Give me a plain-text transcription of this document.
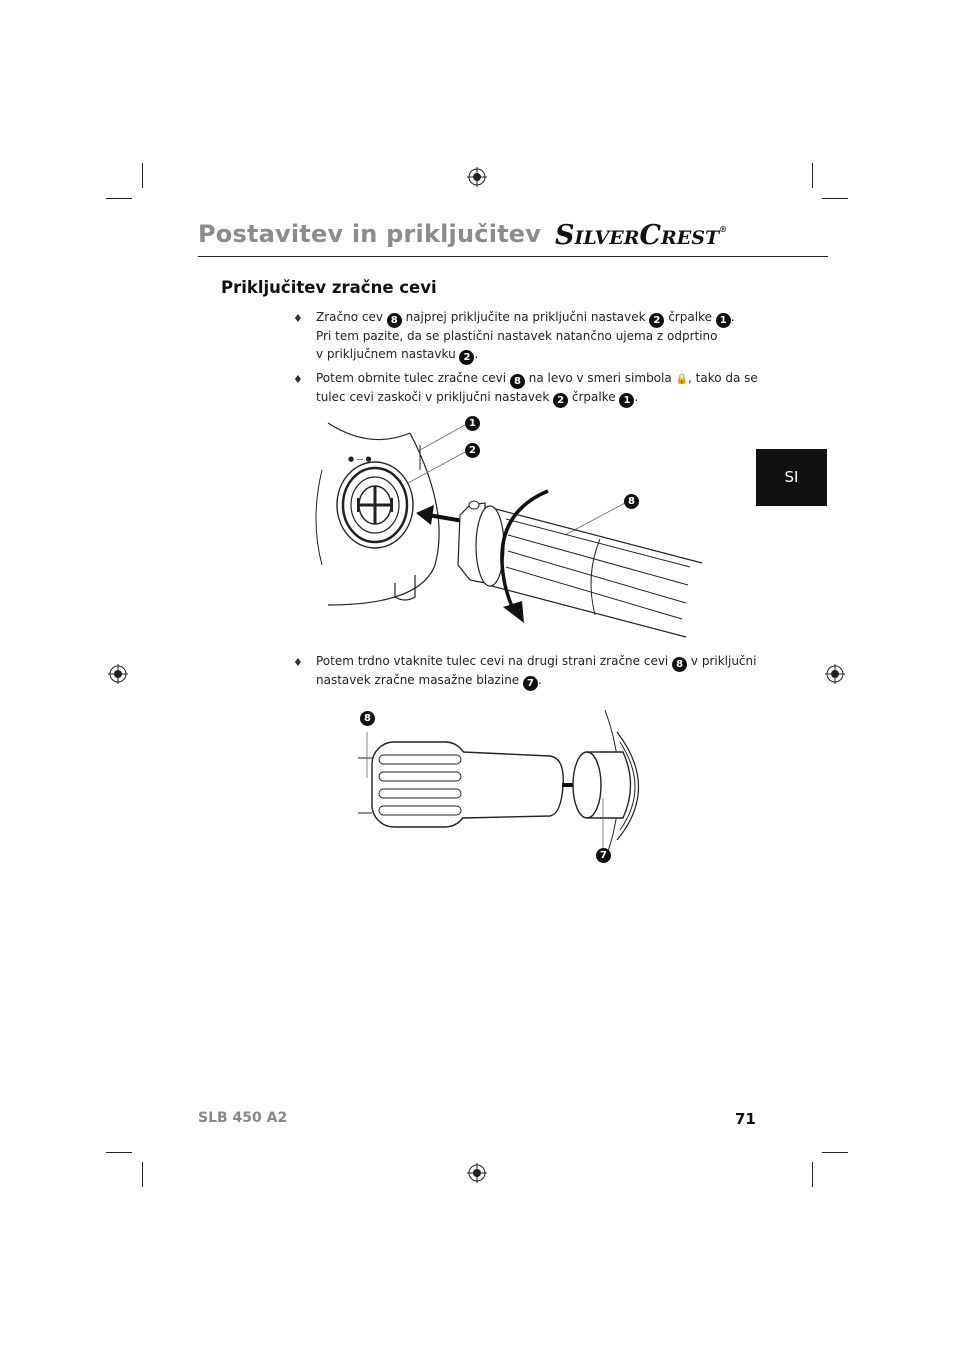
Postavitev in priključitev SILVERCREST®
Priključitev zračne cevi
♦ Zračno cev 8 najprej priključite na priključni nastavek 2 črpalke 1 .
Pri tem pazite, da se plastični nastavek natančno ujema z odprtino
v priključnem nastavku 2 .
♦ Potem obrnite tulec zračne cevi 8 na levo v smeri simbola 🔒, tako da se
tulec cevi zaskoči v priključni nastavek 2 črpalke 1 .
● — ●
1
2
8
♦ Potem trdno vtaknite tulec cevi na drugi strani zračne cevi 8 v priključni
nastavek zračne masažne blazine 7 .
8
7
SI
SLB 450 A2	71
